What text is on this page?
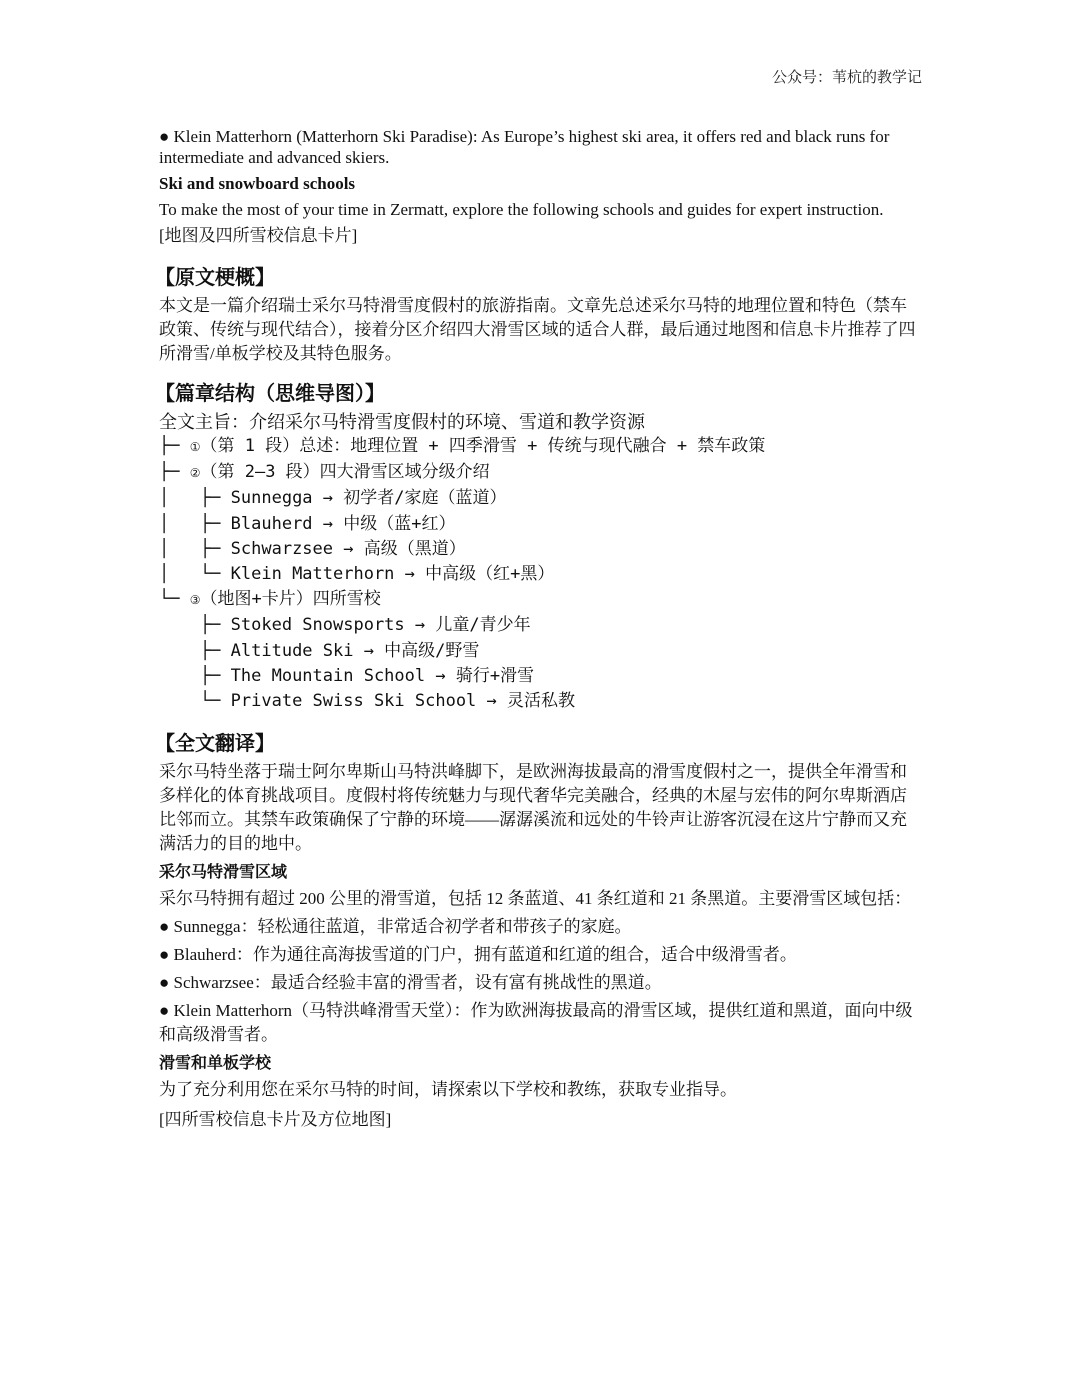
公众号：苇杭的教学记

● Klein Matterhorn (Matterhorn Ski Paradise): As Europe’s highest ski area, it offers red and black runs for intermediate and advanced skiers.

Ski and snowboard schools

To make the most of your time in Zermatt, explore the following schools and guides for expert instruction.

[地图及四所雪校信息卡片]

【原文梗概】

本文是一篇介绍瑞士采尔马特滑雪度假村的旅游指南。文章先总述采尔马特的地理位置和特色（禁车政策、传统与现代结合），接着分区介绍四大滑雪区域的适合人群，最后通过地图和信息卡片推荐了四所滑雪/单板学校及其特色服务。

【篇章结构（思维导图）】

全文主旨：介绍采尔马特滑雪度假村的环境、雪道和教学资源

├─ ①（第 1 段）总述：地理位置 + 四季滑雪 + 传统与现代融合 + 禁车政策
├─ ②（第 2–3 段）四大滑雪区域分级介绍
│   ├─ Sunnegga → 初学者/家庭（蓝道）
│   ├─ Blauherd → 中级（蓝+红）
│   ├─ Schwarzsee → 高级（黑道）
│   └─ Klein Matterhorn → 中高级（红+黑）
└─ ③（地图+卡片）四所雪校
├─ Stoked Snowsports → 儿童/青少年
├─ Altitude Ski → 中高级/野雪
├─ The Mountain School → 骑行+滑雪
└─ Private Swiss Ski School → 灵活私教
【全文翻译】

采尔马特坐落于瑞士阿尔卑斯山马特洪峰脚下，是欧洲海拔最高的滑雪度假村之一，提供全年滑雪和多样化的体育挑战项目。度假村将传统魅力与现代奢华完美融合，经典的木屋与宏伟的阿尔卑斯酒店比邻而立。其禁车政策确保了宁静的环境——潺潺溪流和远处的牛铃声让游客沉浸在这片宁静而又充满活力的目的地中。

采尔马特滑雪区域

采尔马特拥有超过 200 公里的滑雪道，包括 12 条蓝道、41 条红道和 21 条黑道。主要滑雪区域包括：

● Sunnegga：轻松通往蓝道，非常适合初学者和带孩子的家庭。

● Blauherd：作为通往高海拔雪道的门户，拥有蓝道和红道的组合，适合中级滑雪者。

● Schwarzsee：最适合经验丰富的滑雪者，设有富有挑战性的黑道。

● Klein Matterhorn（马特洪峰滑雪天堂）：作为欧洲海拔最高的滑雪区域，提供红道和黑道，面向中级和高级滑雪者。

滑雪和单板学校

为了充分利用您在采尔马特的时间，请探索以下学校和教练，获取专业指导。

[四所雪校信息卡片及方位地图]
